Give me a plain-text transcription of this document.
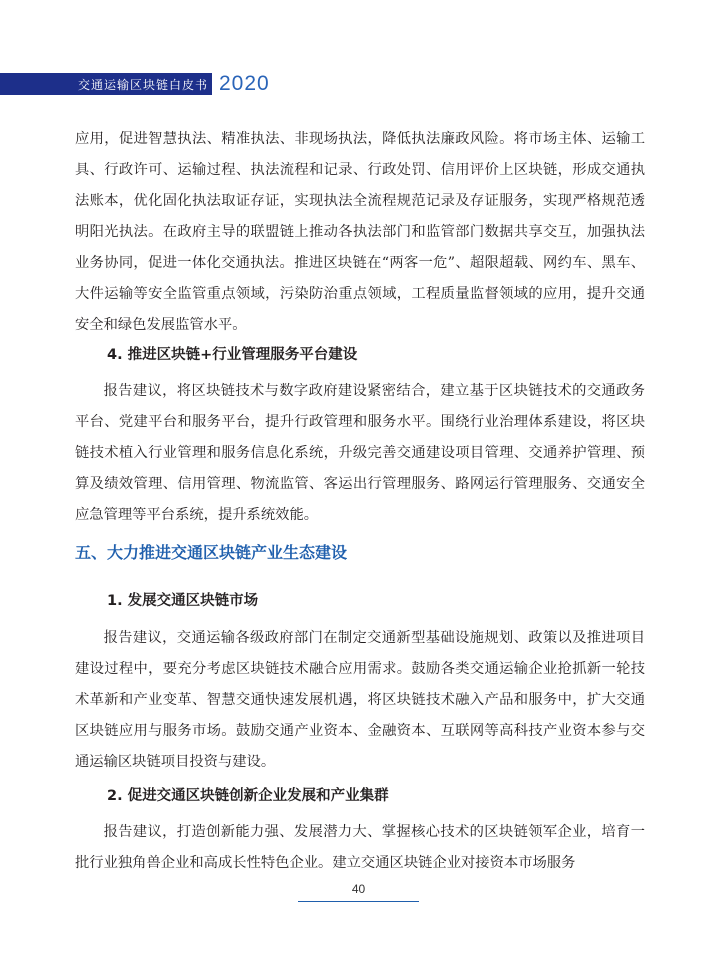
交通运输区块链白皮书 2020

应用，促进智慧执法、精准执法、非现场执法，降低执法廉政风险。将市场主体、运输工具、行政许可、运输过程、执法流程和记录、行政处罚、信用评价上区块链，形成交通执法账本，优化固化执法取证存证，实现执法全流程规范记录及存证服务，实现严格规范透明阳光执法。在政府主导的联盟链上推动各执法部门和监管部门数据共享交互，加强执法业务协同，促进一体化交通执法。推进区块链在“两客一危”、超限超载、网约车、黑车、大件运输等安全监管重点领域，污染防治重点领域，工程质量监督领域的应用，提升交通安全和绿色发展监管水平。

4. 推进区块链+行业管理服务平台建设

报告建议，将区块链技术与数字政府建设紧密结合，建立基于区块链技术的交通政务平台、党建平台和服务平台，提升行政管理和服务水平。围绕行业治理体系建设，将区块链技术植入行业管理和服务信息化系统，升级完善交通建设项目管理、交通养护管理、预算及绩效管理、信用管理、物流监管、客运出行管理服务、路网运行管理服务、交通安全应急管理等平台系统，提升系统效能。

五、大力推进交通区块链产业生态建设

1. 发展交通区块链市场

报告建议，交通运输各级政府部门在制定交通新型基础设施规划、政策以及推进项目建设过程中，要充分考虑区块链技术融合应用需求。鼓励各类交通运输企业抢抓新一轮技术革新和产业变革、智慧交通快速发展机遇，将区块链技术融入产品和服务中，扩大交通区块链应用与服务市场。鼓励交通产业资本、金融资本、互联网等高科技产业资本参与交通运输区块链项目投资与建设。

2. 促进交通区块链创新企业发展和产业集群

报告建议，打造创新能力强、发展潜力大、掌握核心技术的区块链领军企业，培育一批行业独角兽企业和高成长性特色企业。建立交通区块链企业对接资本市场服务

40
